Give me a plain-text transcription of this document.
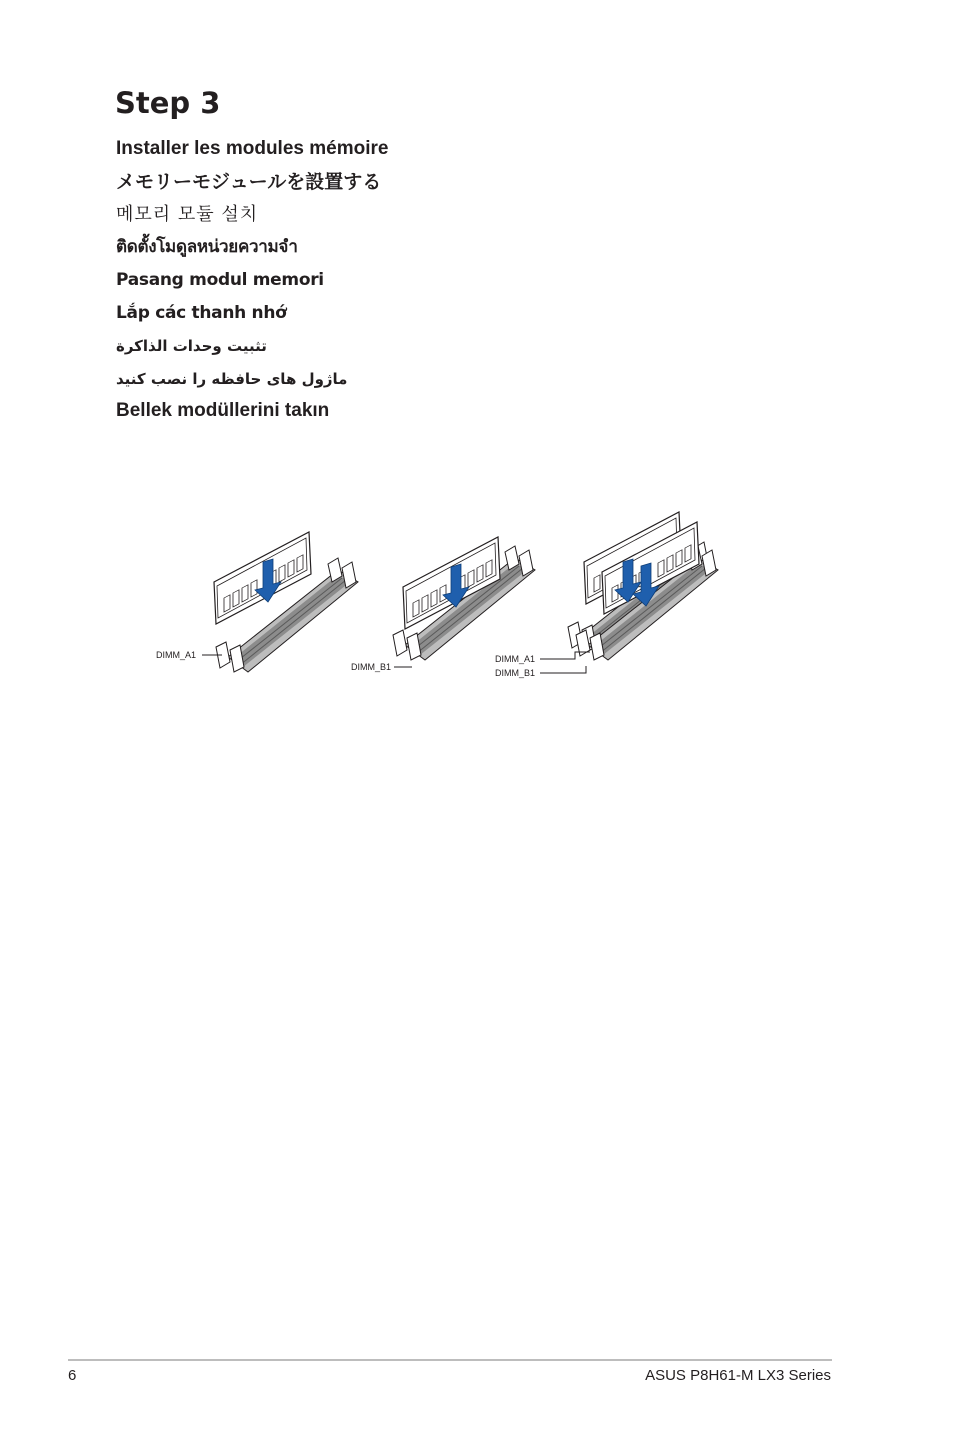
Step 3
Installer les modules mémoire
メモリーモジュールを設置する
메모리 모듈 설치
ติดตั้งโมดูลหน่วยความจำ
Pasang modul memori
Lắp các thanh nhớ
تثبيت وحدات الذاكرة
ماژول های حافظه را نصب کنید
Bellek modüllerini takın
DIMM_A1
DIMM_B1
DIMM_A1
DIMM_B1
6	ASUS P8H61-M LX3 Series
